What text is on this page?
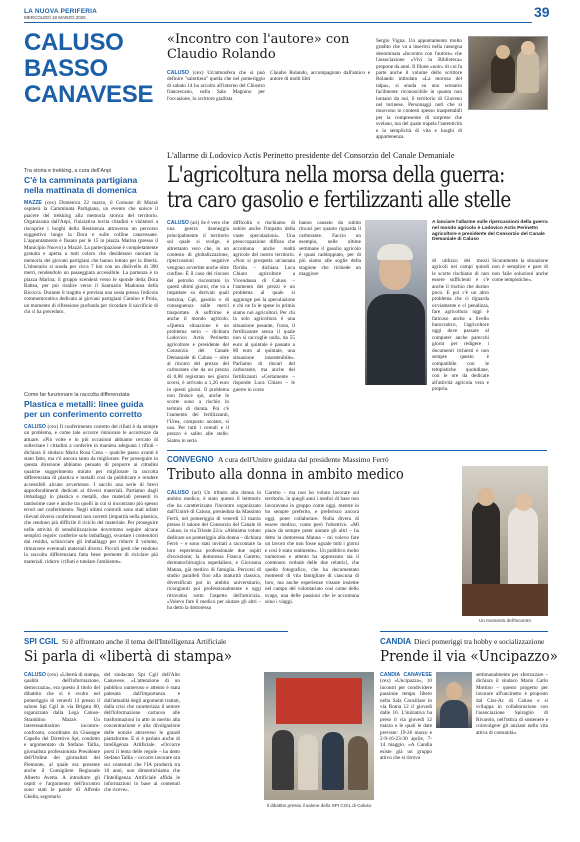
LA NUOVA PERIFERIA
MERCOLEDÌ 18 MARZO 2026	39
CALUSO
BASSO
CANAVESE
«Incontro con l'autore» con Claudio Rolando
CALUSO (cex) Un'atmosfera che si può definire "salottiera" quella che nel pomeriggio di sabato 14 ha accolto all'interno del Chiostro francescano, nella Sala Magnino per l'occasione, lo scrittore giallista
Claudio Rolando, accompagnato dall'amico e autore di molti libri
Sergio Vigna. Un appuntamento molto gradito che va a inserirsi nella rassegna denominata «Incontro con l'autore» che l'associazione «Vivi la Biblioteca» propone da anni. Il filone «noir» di cui fa parte anche il volume dello scrittore Rolando intitolato «La morosa del talpa», si snoda su uno scenario facilmente riconoscibile in quanto non lontano da noi, il territorio di Giaveno nel torinese. Personaggi noti che si muovono in contesti spesso inaspettabili per la compresente di sorprese che svelano, ma del quale trapela l'autenticità e la semplicità di vita e luoghi di appartenenza.
Tra storia e trekking, a cura dell'Anpi
C'è la camminata partigiana nella mattinata di domenica
MAZZÈ (cex) Domenica 22 marzo, il Comune di Mazzè ospiterà la Camminata Partigiana, un evento che unisce il piacere del trekking alla memoria storica del territorio. Organizzata dall'Anpi, l'iniziativa invita cittadini e visitatori a riscoprire i luoghi della Resistenza attraverso un percorso suggestivo lungo la Dora e sulle colline canavesane. L'appuntamento è fissato per le 15 in piazza Marina (presso il Municipio Nuovo) a Mazzè. La partecipazione è completamente gratuita e aperta a tutti coloro che desiderano onorare la memoria dei giovani partigiani che hanno lottato per la libertà. L'itinerario si snoda per circa 7 km con un dislivello di 390 metri, rendendolo un passeggiata accessibile. La partenza è in piazza Marina; il gruppo scenderà verso le sponde della Dora Baltea, per poi risalire verso il Santuario Madonna della Bicocca. Durante il tragitto è prevista una sosta presso l'edicola commemorativa dedicata ai giovani partigiani Camino e Prola, un momento di riflessione profonda per ricordare il sacrificio di chi ci ha preceduto.
Come far funzionare la raccolta differenziata
Plastica e metalli: linee guida per un conferimento corretto
CALUSO (cex) Il conferimento corretto dei rifiuti è da sempre un problema, e come tale occorre rinnovare le accortezze da attuare. «Più volte e in più occasioni abbiamo cercato di sollecitare i cittadini a conferire in maniera adeguata i rifiuti – dichiara il sindaco Maria Rosa Cena – qualche passo avanti è stato fatto, ma c'è ancora tanto da migliorare. Per proseguire in questa direzione abbiamo pensato di proporre ai cittadini qualche suggerimento mirato per migliorare la raccolta differenziata di plastica e metalli così da pubblicare e rendere accessibili alcune avvertenze. I sacchi una serie di brevi approfondimenti dedicati ai diversi materiali. Partiamo dagli imballaggi in plastica e metalli, due materiali presenti in tantissime case e anche tra quelli in cui si incontrano più spesso errori nel conferimento. Negli ultimi controlli sono stati infatti rilevati diversi conferimenti non corretti (impurità nella plastica, che rendono più difficile il riciclo del materiale. Per proseguire nelle attività di sensibilizzazione dovremmo seguire alcune semplici regole: conferire solo imballaggi, svuotare i contenitori dai residui, schiacciare gli imballaggi per ridurre il volume, rimuovere eventuali materiali diversi. Piccoli gesti che rendono la raccolta differenziata fatta bene permette di riciclare più materiali, ridurre i rifiuti e tutelare l'ambiente».
L'allarme di Lodovico Actis Perinetto presidente del Consorzio del Canale Demaniale
L'agricoltura nella morsa della guerra:
tra caro gasolio e fertilizzanti alle stelle
CALUSO (ari) Se è vero che una guerra danneggia principalmente il territorio sul quale si svolge, è altrettanto vero che, in un contesto di globalizzazione, ripercussioni negative vengono avvertite anche oltre confine. È il caso del rincaro del petrolio riscontrato in questi ultimi giorni, che va a impattare su derivati quali benzina, Gpl, gasolio e di conseguenza sulle merci trasportate. A soffrirne è anche il mondo agricolo. «Questa situazione è un problema serio – dichiara Lodovico Actis Perinetto agricoltore e presidente del Consorzio del Canale Demaniale di Caluso – oltre al rincaro del prezzo del carburante che da un prezzo di 0,88 registrato nei giorni scorsi, è arrivato a 1,20 euro in questi giorni. Il problema non finisce qui, anche le scorte sono a rischio in termini di durata. Poi c'è l'aumento dei fertilizzanti, l'Urea, composto azotato, si usa. Per tutti i cereali e il prezzo è salito alle stelle. Siamo in seria
difficoltà e rischiamo di subire anche l'impatto della vaste speculazioni». Una preoccupazione diffusa che accomuna anche realtà agricole del nostro territorio. «Non si prospetta un'annata florida – dichiara Luca Chiaro agricoltore a Vicendassa di Caluso – l'aumento dei prezzi è un problema al quale si aggiunge poi la speculazione e chi ne fa le spese in primis siamo noi agricoltori. Per chi la solo agricoltura è una situazione pesante, l'urea, il fertilizzante senza il quale non si raccoglie nulla, da 55 euro al quintale è passato a 80 euro al quintale, una situazione insostenibile». Parliamo di rincari del carburante, ma anche dei fertilizzanti «Certamente – risponde Luca Chiaro – le guerre in corso
hanno causato da subito rincari per quanto riguarda il carburante. Faccio un esempio, nelle ultime settimane il gasolio agricolo è quasi raddoppiato, per di più siamo alle soglie della stagione che richiede un maggiore
A lanciare l'allarme sulle ripercussioni della guerra nel mondo agricolo è Lodovico Actis Perinetto agricoltore e presidente del Consorzio del Canale Demaniale di Caluso
di utilizzo dei mezzi agricoli nei campi quindi le scorte rischiano di non essere sufficienti e c'è anche il rischio che durino poco. E poi c'è un altro problema che ci riguarda ovviamente e ci penalizza, fare agricoltura oggi è faticoso anche a livello burocratico, l'agricoltore oggi deve passare al computer anche parecchi giorni per redigere i documenti richiesti e non sempre questo è compatibile con le tempistiche quotidiane, con le ore da dedicare all'attività agricola vera e propria.
Sicuramente la situazione non è semplice e pare di non faile soluzioni anche come tempistiche».
CONVEGNO A cura dell'Unitre guidata dal presidente Massimo Ferrò
Tributo alla donna in ambito medico
CALUSO (ari) Un tributo alla donna in ambito medico, è stato questo il leitmotiv che ha caratterizzato l'incontro organizzato dall'Unitrè di Caluso, presieduta da Massimo Ferrò, nel pomeriggio di venerdì 13 marzo presso il salone del Consorzio del Canale di Caluso, in via Trieste 22/a. «Abbiamo voluto dedicare un pomeriggio alla donna – dichiara Ferrò – e sono stati invitati a raccontare la loro esperienza professionale due ospiti d'eccezione; la dottoressa Franca Garetto, dermatochirurgica ospedaliera, e Giovanna Manna, già medico di famiglia. Percorsi di studio paralleli fino alla maturità classica, diversificati poi in ambito universitario, ricongiunti poi professionalmente e oggi ritrovatisi sotto l'aspetto dell'amicizia. «Volevo fare il medico per aiutare gli altri – ha detto la dottoressa
Garetto – ma non ho voluto lavorare sul territorio, in quegli anni i medici di base non lavoravano in gruppo come oggi, mentre io ho sempre preferito, e preferisco ancora oggi, poter collaborare. Nulla divera di essere medico, come però l'obiettivo. «Mi piace da sempre poter aiutare gli altri – ha detto la dottoressa Manna – mi volevo fare un lavoro che non fosse uguale tutti i giorni e così è stato realmente». Un pubblico molto numeroso e attento ha apprezzato sia il contenuto verbale delle due relatrici, che quello fotografico, che ha documentato momenti di vita famigliare di ciascuna di loro, ma anche esperienze vissute insieme nel campo del volontariato così come dello svago, una delle passioni che le accomuna sono i viaggi.
Un momento dell'incontro
SPI CGIL Si è affrontato anche il tema dell'Intelligenza Artificiale
Si parla di «libertà di stampa»
CALUSO (cex) «Libertà di stampa, qualità dell'informazione, democrazia», era questo il titolo del dibattito che si è svolto nel pomeriggio di venerdì 13 presso il salone Spi Cgil in via Brigata 80, organizzato dalla Lega Caluso-Strambino Mazzè. Un interessantissimo incontro-confronto, coordinato da Giuseppe Capello del Direttivo Spi, condotto e argomentato da Stefano Tallia, giornalista professionista Presidente dell'Ordine dei giornalisti del Piemonte, al quale era presente anche il Consigliere Regionale Alberto Avetta. A introdurre gli ospiti e l'argomento dell'incontro sono stati le parole di Alfredo Ghella, segretario
del sindacato Spi Cgil dell'Alto Canavese. «L'attenzione di un pubblico numeroso e attento è stata palesata dall'importanza e dall'attualità degli argomenti trattati, dalla crisi che caratterizza il settore dell'informazione cartacea alle trasformazioni in atto in merito alla concentrazione e alla divulgazione delle notizie attraverso le grandi piattaforme. E si è parlato anche di Intelligenza Artificiale. «Occorre porsi il tema delle regole – ha detto Stefano Tallia – occorre lavorare ora sui contenuti che l'IA produrrà tra 10 anni, non dimentichiamo che l'Intelligenza Artificiale affida le informazioni in base ai contenuti che riceve».
Il dibattito presso il salone dello SPI CGIL di Caluso
CANDIA Dieci pomeriggi tra hobby e socializzazione
Prende il via «Uncipazzo»
CANDIA CANAVESE (cex) «Uncipazzo», 10 incontri per condividere passione tempo libero nella Sala Consiliare in via Roma 12 il giovedì dalle 16. L'iniziativa ha preso il via giovedì 12 marzo e le quali le date previste: 19-26 marzo e 2-9-16-23-30 aprile, 7-14 maggio. «A Candia esiste già un gruppo attivo che si ritrova
settimanalmente per sferruzzare – dichiara il sindaco Mario Carlo Mottino – questo progetto per lavorare all'uncinetto è proposto dal Ciss-Ac di Caluso e si sviluppa in collaborazione con l'associazione Spiraglio di Rivarolo, nell'ottica di sostenere e coinvolgere gli anziani nella vita attiva di comunità».
